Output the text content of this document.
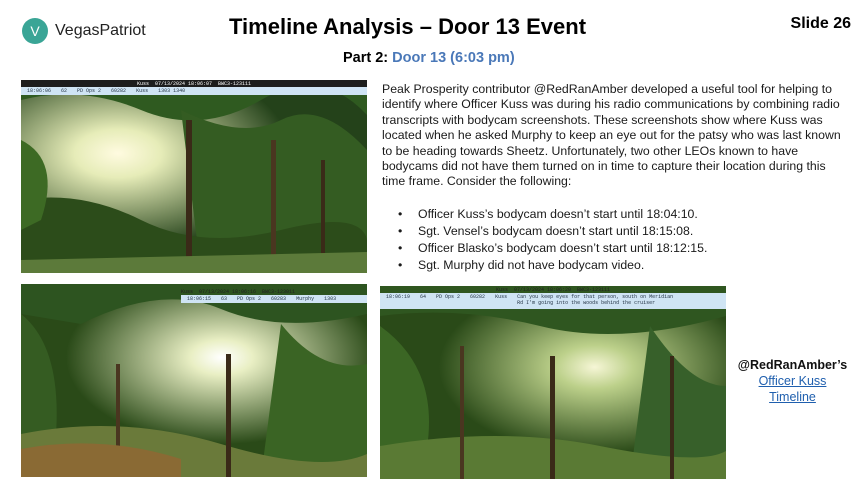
V VegasPatriot	Timeline Analysis – Door 13 Event	Slide 26
Part 2: Door 13 (6:03 pm)
Kuss 07/13/2024 18:06:07 BWC3-123111
18:06:06 62 PD Ops 2 60282 Kuss 1303 1340
Kuss 07/13/2024 18:06:16 BWC3-123011
18:06:15 63 PD Ops 2 60283 Murphy 1303
Kuss 07/13/2024 18:06:20 BWC3-123111
18:06:19 64 PD Ops 2 60282 Kuss Can you keep eyes for that person, south on Meridian Rd I'm going into the woods behind the cruiser
Peak Prosperity contributor @RedRanAmber developed a useful tool for helping to identify where Officer Kuss was during his radio communications by combining radio transcripts with bodycam screenshots. These screenshots show where Kuss was located when he asked Murphy to keep an eye out for the patsy who was last known to be heading towards Sheetz. Unfortunately, two other LEOs known to have bodycams did not have them turned on in time to capture their location during this time frame. Consider the following:
• Officer Kuss’s bodycam doesn’t start until 18:04:10.
• Sgt. Vensel’s bodycam doesn’t start until 18:15:08.
• Officer Blasko’s bodycam doesn’t start until 18:12:15.
• Sgt. Murphy did not have bodycam video.
@RedRanAmber’s
Officer Kuss
Timeline
